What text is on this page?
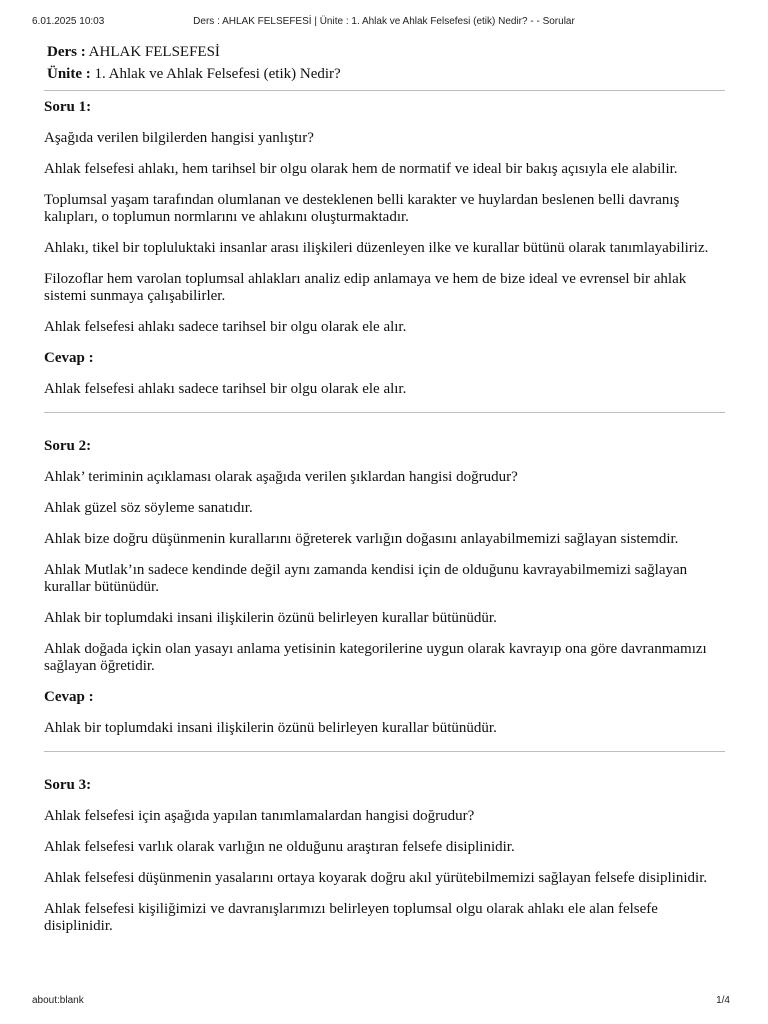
6.01.2025 10:03	Ders : AHLAK FELSEFESİ | Ünite : 1. Ahlak ve Ahlak Felsefesi (etik) Nedir? - - Sorular
Ders : AHLAK FELSEFESİ
Ünite : 1. Ahlak ve Ahlak Felsefesi (etik) Nedir?

Soru 1:

Aşağıda verilen bilgilerden hangisi yanlıştır?

Ahlak felsefesi ahlakı, hem tarihsel bir olgu olarak hem de normatif ve ideal bir bakış açısıyla ele alabilir.

Toplumsal yaşam tarafından olumlanan ve desteklenen belli karakter ve huylardan beslenen belli davranış kalıpları, o toplumun normlarını ve ahlakını oluşturmaktadır.

Ahlakı, tikel bir topluluktaki insanlar arası ilişkileri düzenleyen ilke ve kurallar bütünü olarak tanımlayabiliriz.

Filozoflar hem varolan toplumsal ahlakları analiz edip anlamaya ve hem de bize ideal ve evrensel bir ahlak sistemi sunmaya çalışabilirler.

Ahlak felsefesi ahlakı sadece tarihsel bir olgu olarak ele alır.

Cevap :

Ahlak felsefesi ahlakı sadece tarihsel bir olgu olarak ele alır.

Soru 2:

Ahlak’ teriminin açıklaması olarak aşağıda verilen şıklardan hangisi doğrudur?

Ahlak güzel söz söyleme sanatıdır.

Ahlak bize doğru düşünmenin kurallarını öğreterek varlığın doğasını anlayabilmemizi sağlayan sistemdir.

Ahlak Mutlak’ın sadece kendinde değil aynı zamanda kendisi için de olduğunu kavrayabilmemizi sağlayan kurallar bütünüdür.

Ahlak bir toplumdaki insani ilişkilerin özünü belirleyen kurallar bütünüdür.

Ahlak doğada içkin olan yasayı anlama yetisinin kategorilerine uygun olarak kavrayıp ona göre davranmamızı sağlayan öğretidir.

Cevap :

Ahlak bir toplumdaki insani ilişkilerin özünü belirleyen kurallar bütünüdür.

Soru 3:

Ahlak felsefesi için aşağıda yapılan tanımlamalardan hangisi doğrudur?

Ahlak felsefesi varlık olarak varlığın ne olduğunu araştıran felsefe disiplinidir.

Ahlak felsefesi düşünmenin yasalarını ortaya koyarak doğru akıl yürütebilmemizi sağlayan felsefe disiplinidir.

Ahlak felsefesi kişiliğimizi ve davranışlarımızı belirleyen toplumsal olgu olarak ahlakı ele alan felsefe disiplinidir.

about:blank	1/4
